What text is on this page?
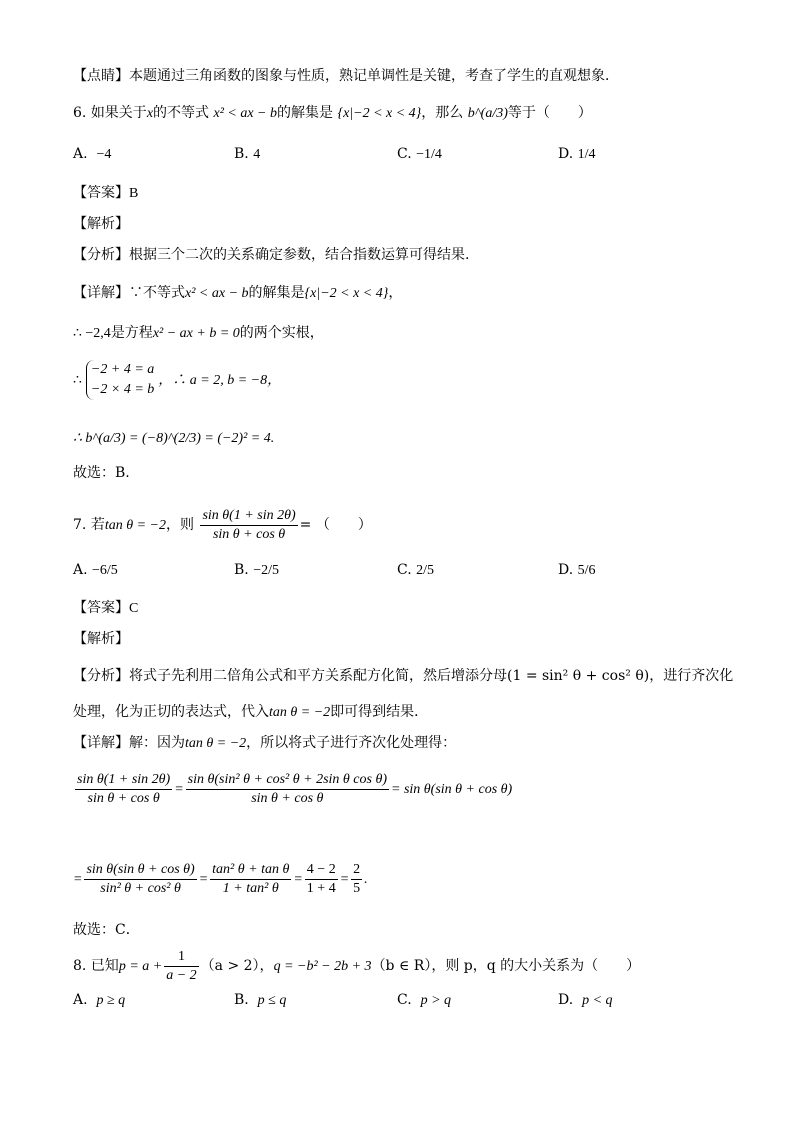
【点睛】本题通过三角函数的图象与性质，熟记单调性是关键，考查了学生的直观想象．
6. 如果关于x的不等式 x² < ax − b的解集是 {x|−2 < x < 4}，那么 b^(a/3)等于（　　）
A. −4	B. 4	C. −1/4	D. 1/4
【答案】B
【解析】
【分析】根据三个二次的关系确定参数，结合指数运算可得结果.
【详解】∵不等式x² < ax − b的解集是{x|−2 < x < 4}，
∴ −2,4是方程x² − ax + b = 0的两个实根，
∴
−2 + 4 = a
−2 × 4 = b
，∴ a = 2, b = −8，
∴ b^(a/3) = (−8)^(2/3) = (−2)² = 4.
故选：B.
7. 若tan θ = −2，则 $\frac{\text{sin θ(1 + sin 2θ)}}{\text{sin θ + cos θ}}$ = （　　）
A. −6/5	B. −2/5	C. 2/5	D. 5/6
【答案】C
【解析】
【分析】将式子先利用二倍角公式和平方关系配方化简，然后增添分母(1 = sin² θ + cos² θ)，进行齐次化
处理，化为正切的表达式，代入tan θ = −2即可得到结果．
【详解】解：因为tan θ = −2，所以将式子进行齐次化处理得：
$\frac{\text{sin θ(1 + sin 2θ)}}{\text{sin θ + cos θ}} = \frac{\text{sin θ(sin² θ + cos² θ + 2sin θ cos θ)}}{\text{sin θ + cos θ}} = \sin \theta(\sin$ θ + cos θ)
= $\frac{\text{sin θ(sin θ + cos θ)}}{\text{sin² θ + cos² θ}} = \frac{\text{tan² θ + tan θ}}{\text{1 + tan² θ}} = \frac{4 - 2}{1 + 4} = \frac{2}{5}$ .
故选：C．
8. 已知$p = a + \frac{1}{a - 2} (a > 2)$，q = −b² − 2b + 3（b ∈ R），则 p，q 的大小关系为（　　）
A. p ≥ q	B. p ≤ q	C. p > q	D. p < q
